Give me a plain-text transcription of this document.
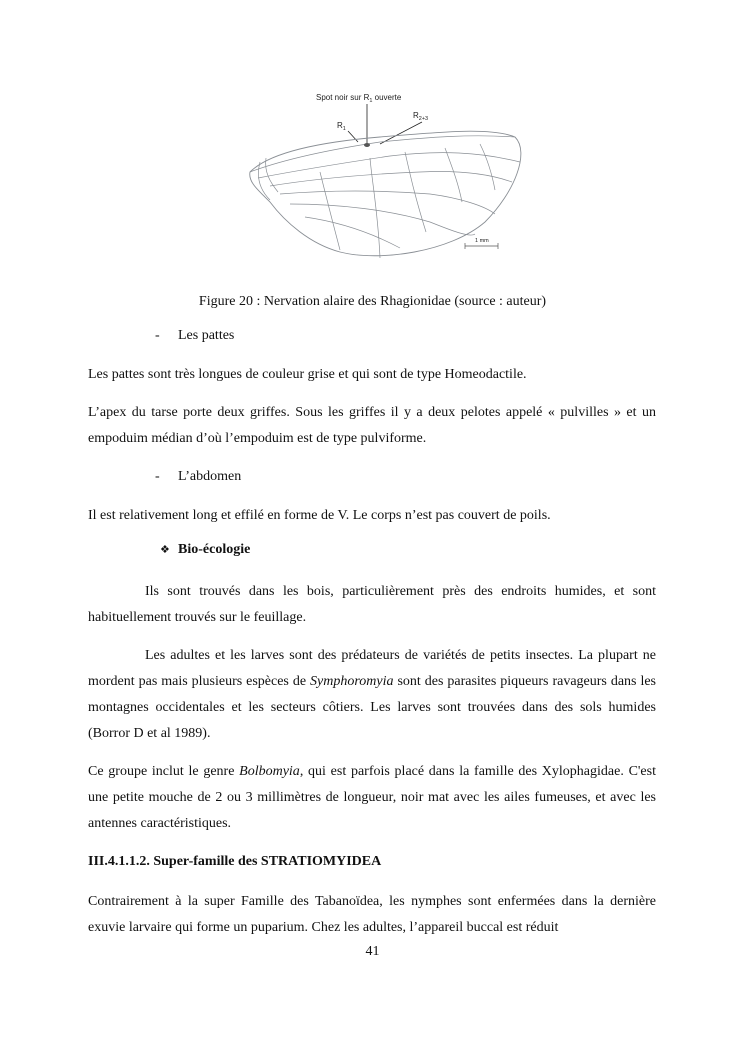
Spot noir sur $R_1$ ouverte
$R_1$
$R_{2+3}$
1 mm
Figure 20 : Nervation alaire des Rhagionidae (source : auteur)
- Les pattes
Les pattes sont très longues de couleur grise et qui sont de type Homeodactile.
L’apex du tarse porte deux griffes. Sous les griffes il y a deux pelotes appelé « pulvilles » et un empoduim médian d’où l’empoduim est de type pulviforme.
- L’abdomen
Il est relativement long et effilé en forme de V. Le corps n’est pas couvert de poils.
❖ Bio-écologie
Ils sont trouvés dans les bois, particulièrement près des endroits humides, et sont habituellement trouvés sur le feuillage.
Les adultes et les larves sont des prédateurs de variétés de petits insectes. La plupart ne mordent pas mais plusieurs espèces de Symphoromyia sont des parasites piqueurs ravageurs dans les montagnes occidentales et les secteurs côtiers. Les larves sont trouvées dans des sols humides (Borror D et al 1989).
Ce groupe inclut le genre Bolbomyia, qui est parfois placé dans la famille des Xylophagidae. C'est une petite mouche de 2 ou 3 millimètres de longueur, noir mat avec les ailes fumeuses, et avec les antennes caractéristiques.
III.4.1.1.2. Super-famille des STRATIOMYIDEA
Contrairement à la super Famille des Tabanoïdea, les nymphes sont enfermées dans la dernière exuvie larvaire qui forme un puparium. Chez les adultes, l’appareil buccal est réduit
41
